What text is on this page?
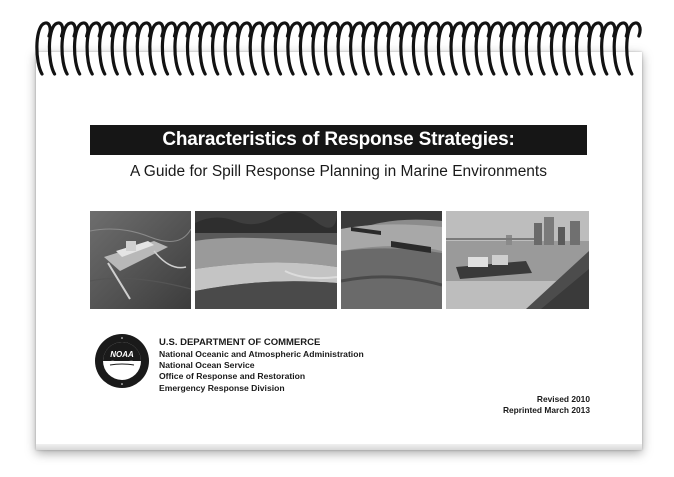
Characteristics of Response Strategies:
A Guide for Spill Response Planning in Marine Environments
NOAA
U.S. DEPARTMENT OF COMMERCE
National Oceanic and Atmospheric Administration
National Ocean Service
Office of Response and Restoration
Emergency Response Division
Revised 2010
Reprinted March 2013
